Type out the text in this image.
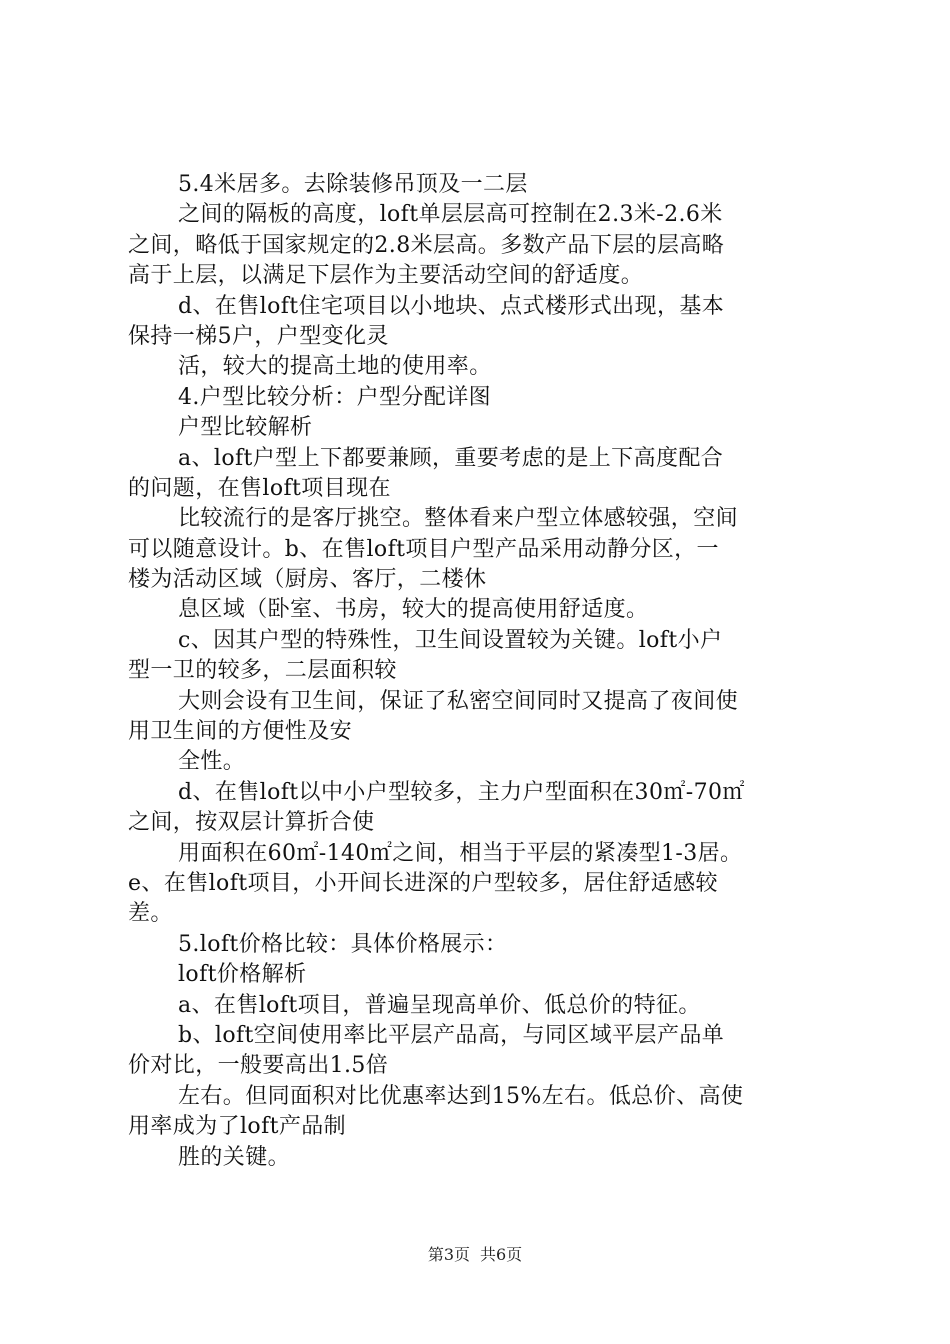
5.4米居多。去除装修吊顶及一二层
之间的隔板的高度，loft单层层高可控制在2.3米-2.6米
之间，略低于国家规定的2.8米层高。多数产品下层的层高略
高于上层，以满足下层作为主要活动空间的舒适度。
d、在售loft住宅项目以小地块、点式楼形式出现，基本
保持一梯5户，户型变化灵
活，较大的提高土地的使用率。
4.户型比较分析：户型分配详图
户型比较解析
a、loft户型上下都要兼顾，重要考虑的是上下高度配合
的问题，在售loft项目现在
比较流行的是客厅挑空。整体看来户型立体感较强，空间
可以随意设计。b、在售loft项目户型产品采用动静分区，一
楼为活动区域（厨房、客厅，二楼休
息区域（卧室、书房，较大的提高使用舒适度。
c、因其户型的特殊性，卫生间设置较为关键。loft小户
型一卫的较多，二层面积较
大则会设有卫生间，保证了私密空间同时又提高了夜间使
用卫生间的方便性及安
全性。
d、在售loft以中小户型较多，主力户型面积在30㎡-70㎡
之间，按双层计算折合使
用面积在60㎡-140㎡之间，相当于平层的紧凑型1-3居。
e、在售loft项目，小开间长进深的户型较多，居住舒适感较
差。
5.loft价格比较：具体价格展示：
loft价格解析
a、在售loft项目，普遍呈现高单价、低总价的特征。
b、loft空间使用率比平层产品高，与同区域平层产品单
价对比，一般要高出1.5倍
左右。但同面积对比优惠率达到15%左右。低总价、高使
用率成为了loft产品制
胜的关键。
第3页 共6页
